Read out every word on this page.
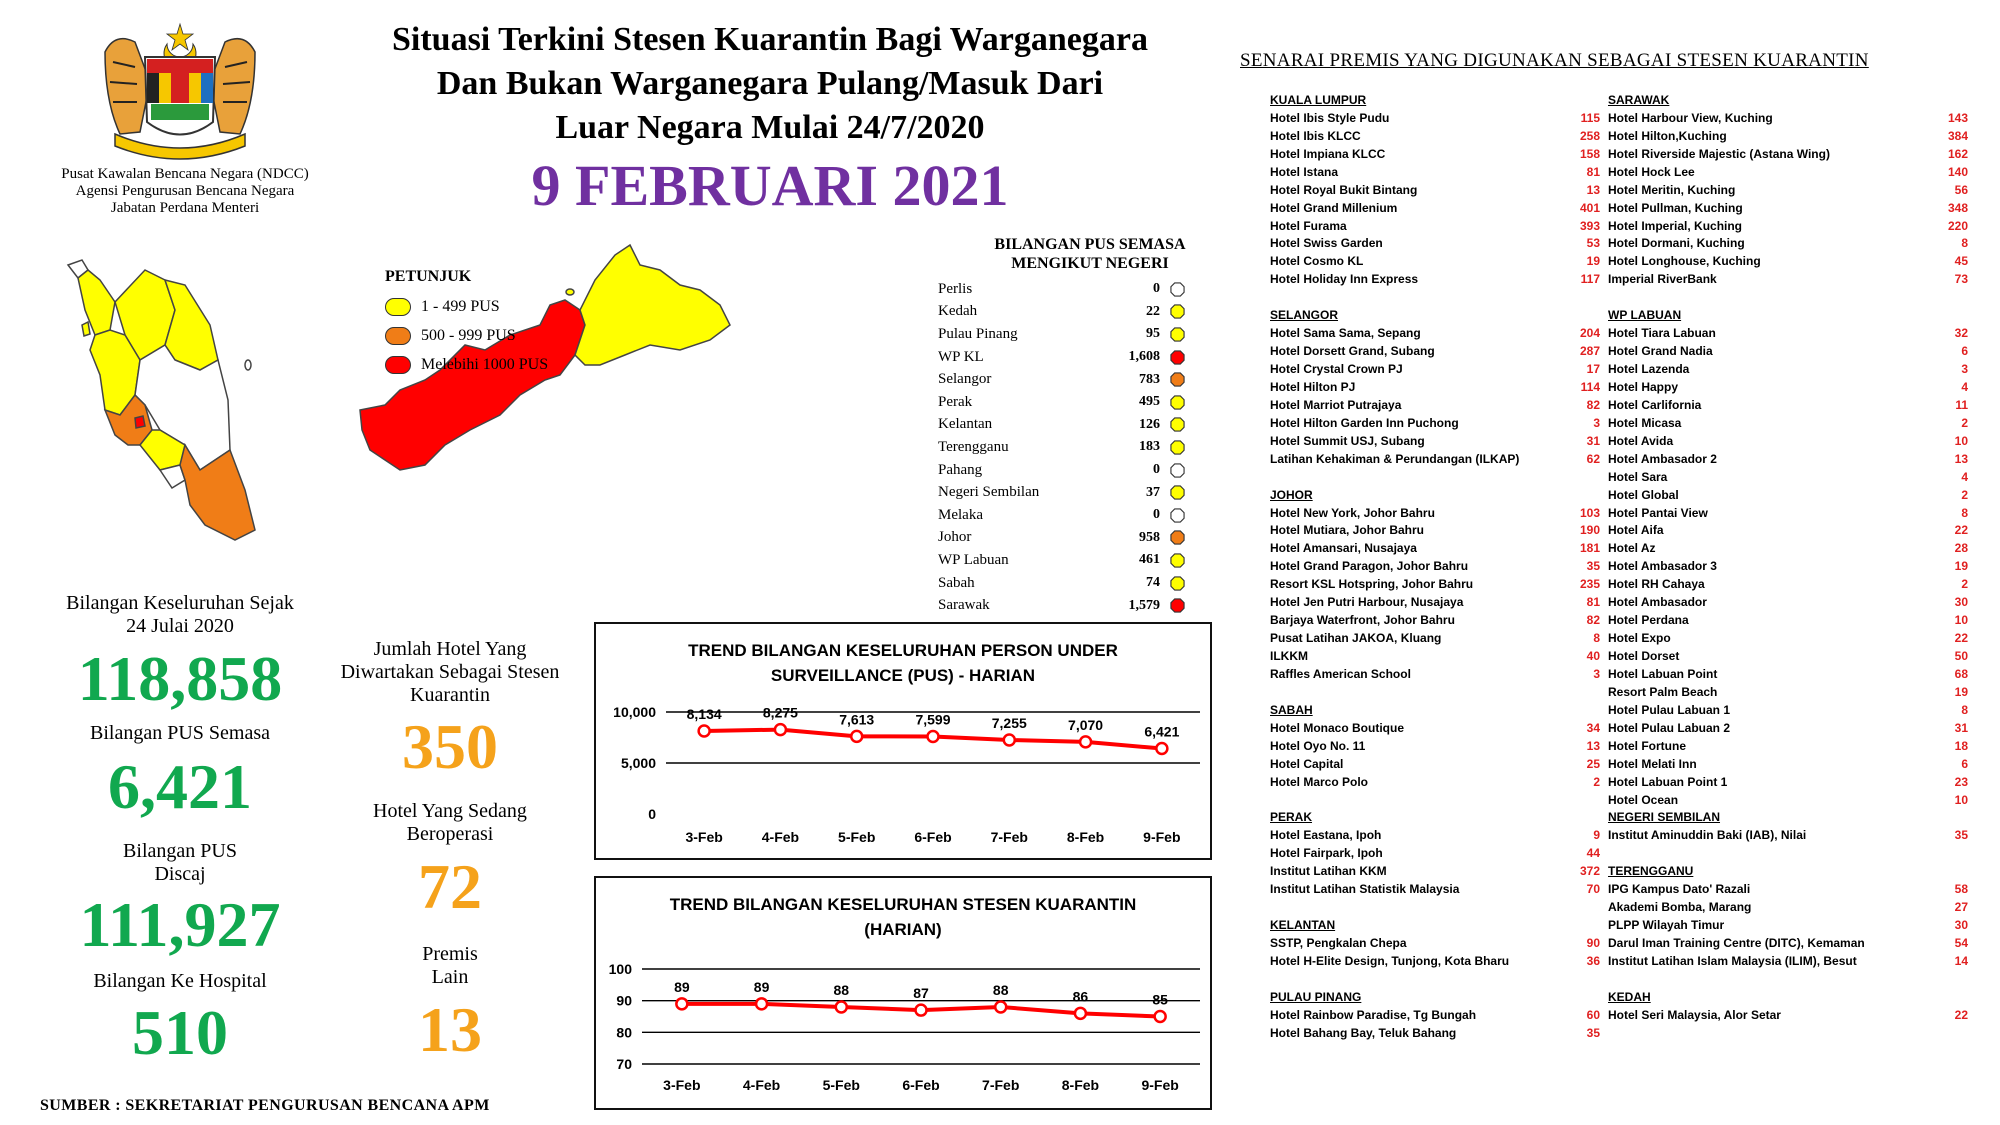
Pusat Kawalan Bencana Negara (NDCC)
Agensi Pengurusan Bencana Negara
Jabatan Perdana Menteri
Situasi Terkini Stesen Kuarantin Bagi Warganegara
Dan Bukan Warganegara Pulang/Masuk Dari
Luar Negara Mulai 24/7/2020
9 FEBRUARI 2021
PETUNJUK
1 - 499 PUS
500 - 999 PUS
Melebihi 1000 PUS
BILANGAN PUS SEMASA
MENGIKUT NEGERI
Perlis	0
Kedah	22
Pulau Pinang	95
WP KL	1,608
Selangor	783
Perak	495
Kelantan	126
Terengganu	183
Pahang	0
Negeri Sembilan	37
Melaka	0
Johor	958
WP Labuan	461
Sabah	74
Sarawak	1,579
Bilangan Keseluruhan Sejak
24 Julai 2020
118,858
Bilangan PUS Semasa
6,421
Bilangan PUS
Discaj
111,927
Bilangan Ke Hospital
510
Jumlah Hotel Yang
Diwartakan Sebagai Stesen
Kuarantin
350
Hotel Yang Sedang
Beroperasi
72
Premis
Lain
13
TREND BILANGAN KESELURUHAN PERSON UNDER
SURVEILLANCE (PUS) - HARIAN
10,000
5,000
0
8,134
3-Feb
8,275
4-Feb
7,613
5-Feb
7,599
6-Feb
7,255
7-Feb
7,070
8-Feb
6,421
9-Feb
TREND BILANGAN KESELURUHAN STESEN KUARANTIN
(HARIAN)
100
90
80
70
89
3-Feb
89
4-Feb
88
5-Feb
87
6-Feb
88
7-Feb
86
8-Feb
85
9-Feb
SENARAI PREMIS YANG DIGUNAKAN SEBAGAI STESEN KUARANTIN
KUALA LUMPUR
Hotel Ibis Style Pudu	115
Hotel Ibis KLCC	258
Hotel Impiana KLCC	158
Hotel Istana	81
Hotel Royal Bukit Bintang	13
Hotel Grand Millenium	401
Hotel Furama	393
Hotel Swiss Garden	53
Hotel Cosmo KL	19
Hotel Holiday Inn Express	117
SELANGOR
Hotel Sama Sama, Sepang	204
Hotel Dorsett Grand, Subang	287
Hotel Crystal Crown PJ	17
Hotel Hilton PJ	114
Hotel Marriot Putrajaya	82
Hotel Hilton Garden Inn Puchong	3
Hotel Summit USJ, Subang	31
Latihan Kehakiman & Perundangan (ILKAP)	62
JOHOR
Hotel New York, Johor Bahru	103
Hotel Mutiara, Johor Bahru	190
Hotel Amansari, Nusajaya	181
Hotel Grand Paragon, Johor Bahru	35
Resort KSL Hotspring, Johor Bahru	235
Hotel Jen Putri Harbour, Nusajaya	81
Barjaya Waterfront, Johor Bahru	82
Pusat Latihan JAKOA, Kluang	8
ILKKM	40
Raffles American School	3
SABAH
Hotel Monaco Boutique	34
Hotel Oyo No. 11	13
Hotel Capital	25
Hotel Marco Polo	2
PERAK
Hotel Eastana, Ipoh	9
Hotel Fairpark, Ipoh	44
Institut Latihan KKM	372
Institut Latihan Statistik Malaysia	70
KELANTAN
SSTP, Pengkalan Chepa	90
Hotel H-Elite Design, Tunjong, Kota Bharu	36
PULAU PINANG
Hotel Rainbow Paradise, Tg Bungah	60
Hotel Bahang Bay, Teluk Bahang	35
SARAWAK
Hotel Harbour View, Kuching	143
Hotel Hilton,Kuching	384
Hotel Riverside Majestic (Astana Wing)	162
Hotel Hock Lee	140
Hotel Meritin, Kuching	56
Hotel Pullman, Kuching	348
Hotel Imperial, Kuching	220
Hotel Dormani, Kuching	8
Hotel Longhouse, Kuching	45
Imperial RiverBank	73
WP LABUAN
Hotel Tiara Labuan	32
Hotel Grand Nadia	6
Hotel Lazenda	3
Hotel Happy	4
Hotel Carlifornia	11
Hotel Micasa	2
Hotel Avida	10
Hotel Ambasador 2	13
Hotel Sara	4
Hotel Global	2
Hotel Pantai View	8
Hotel Aifa	22
Hotel Az	28
Hotel Ambasador 3	19
Hotel RH Cahaya	2
Hotel Ambasador	30
Hotel Perdana	10
Hotel Expo	22
Hotel Dorset	50
Hotel Labuan Point	68
Resort Palm Beach	19
Hotel Pulau Labuan 1	8
Hotel Pulau Labuan 2	31
Hotel Fortune	18
Hotel Melati Inn	6
Hotel Labuan Point 1	23
Hotel Ocean	10
NEGERI SEMBILAN
Institut Aminuddin Baki (IAB), Nilai	35
TERENGGANU
IPG Kampus Dato' Razali	58
Akademi Bomba, Marang	27
PLPP Wilayah Timur	30
Darul Iman Training Centre (DITC), Kemaman	54
Institut Latihan Islam Malaysia (ILIM), Besut	14
KEDAH
Hotel Seri Malaysia, Alor Setar	22
SUMBER : SEKRETARIAT PENGURUSAN BENCANA APM
